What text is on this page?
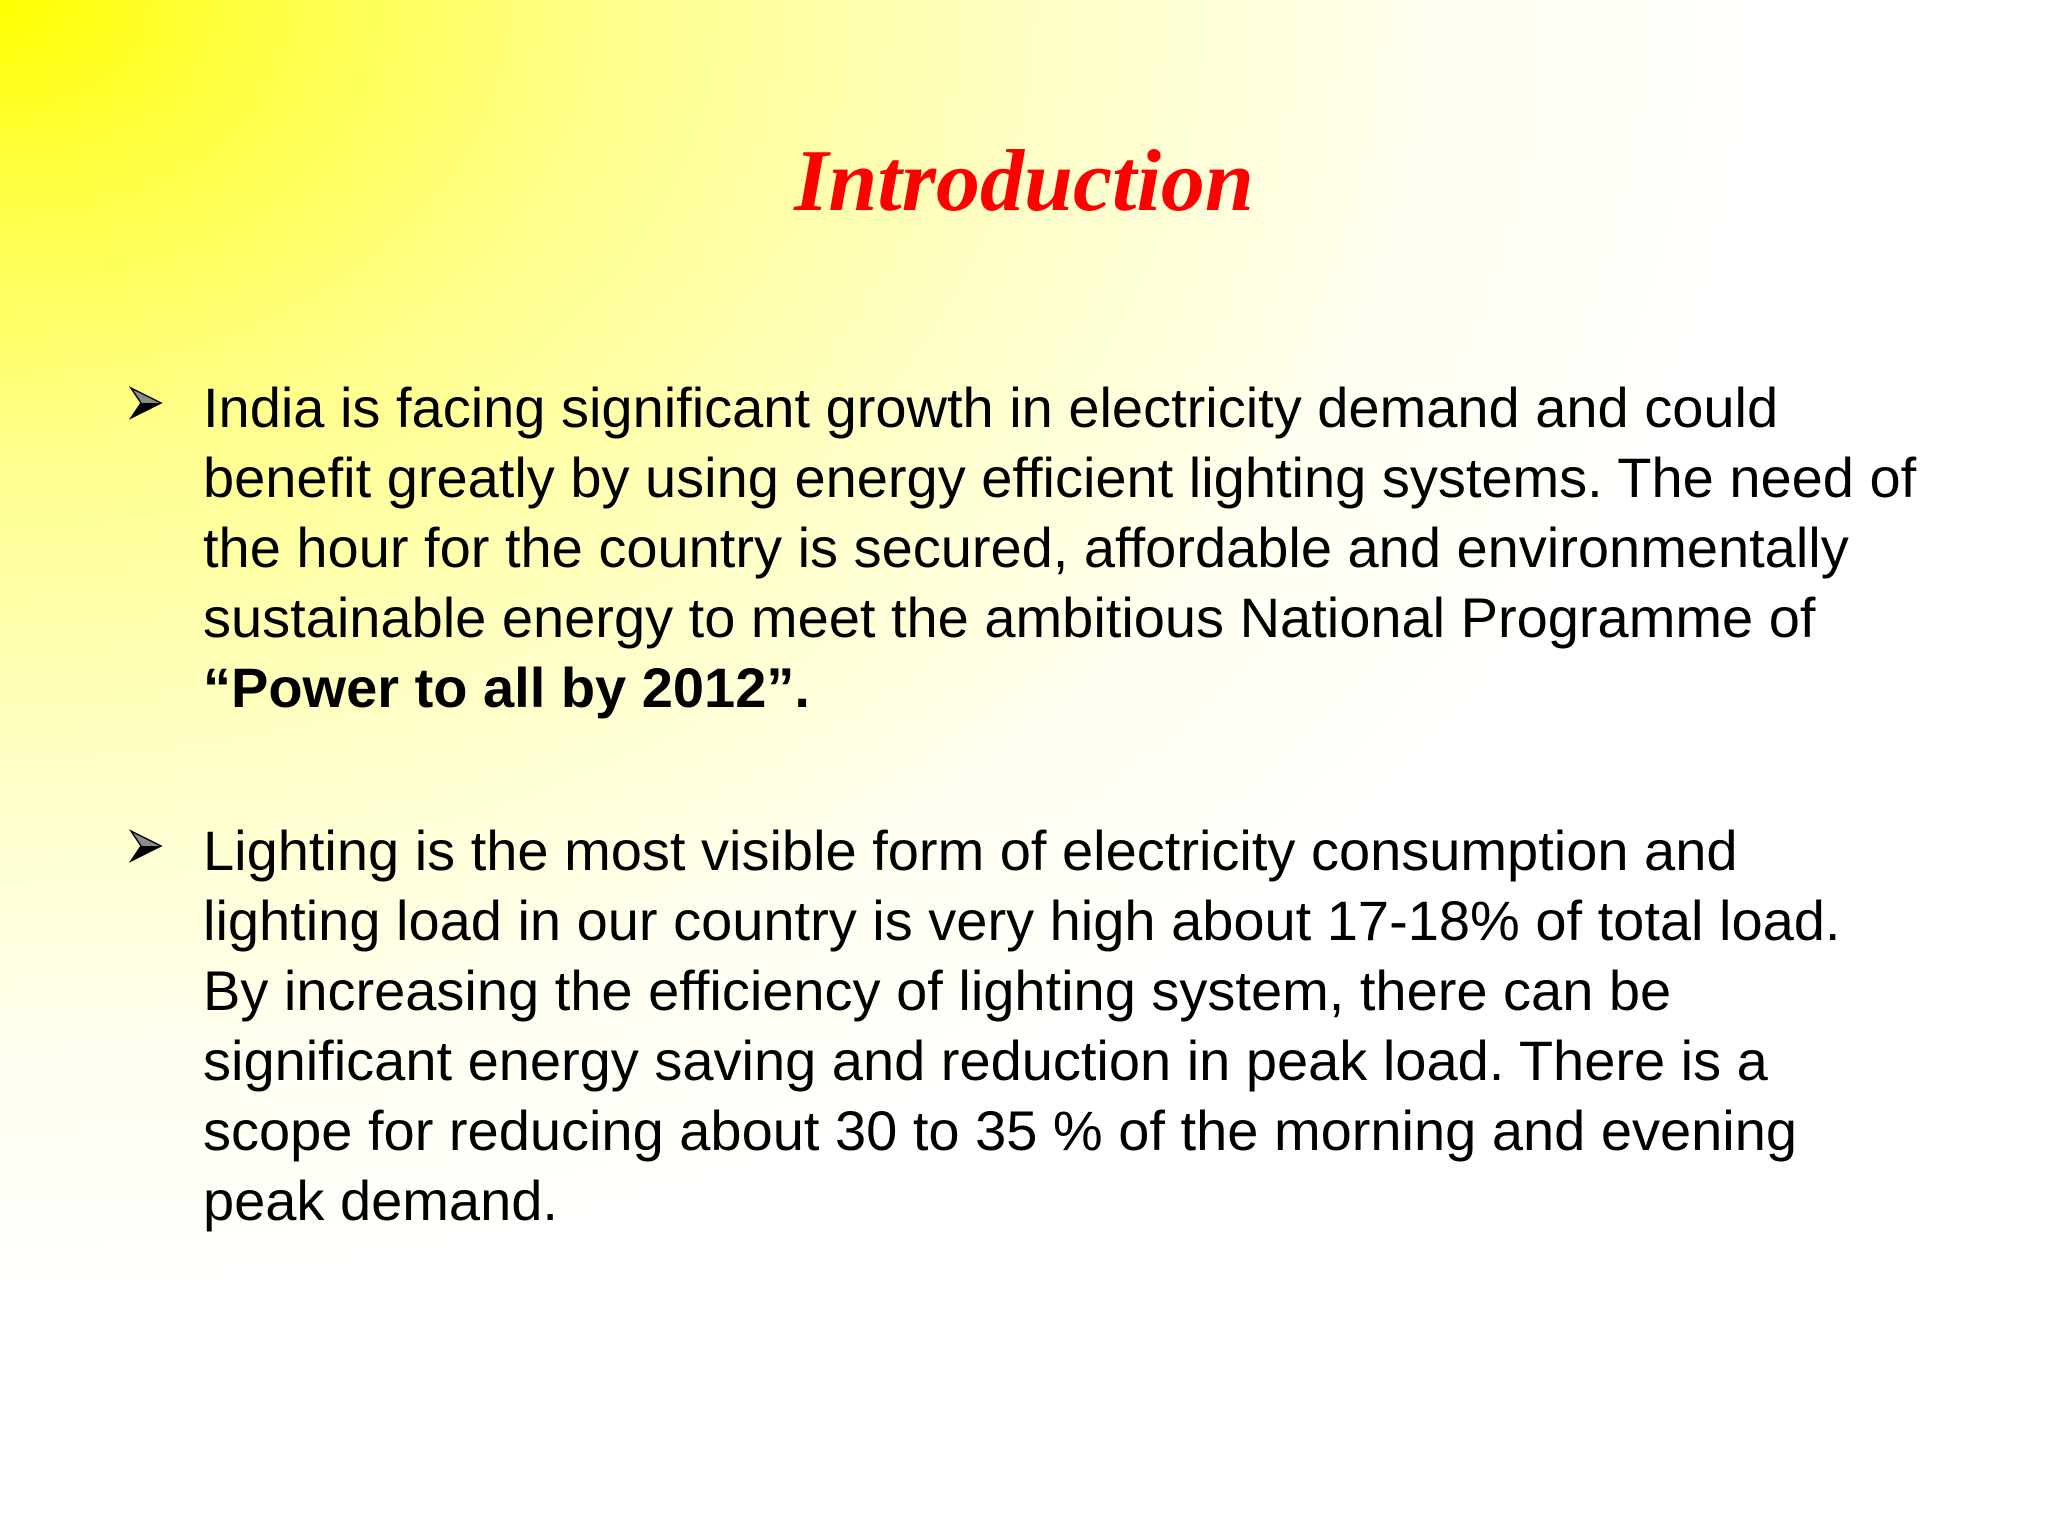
Introduction
India is facing significant growth in electricity demand and could benefit greatly by using energy efficient lighting systems. The need of the hour for the country is secured, affordable and environmentally sustainable energy to meet the ambitious National Programme of “Power to all by 2012”.
Lighting is the most visible form of electricity consumption and lighting load in our country is very high about 17-18% of total load. By increasing the efficiency of lighting system, there can be significant energy saving and reduction in peak load. There is a scope for reducing about 30 to 35 % of the morning and evening peak demand.
